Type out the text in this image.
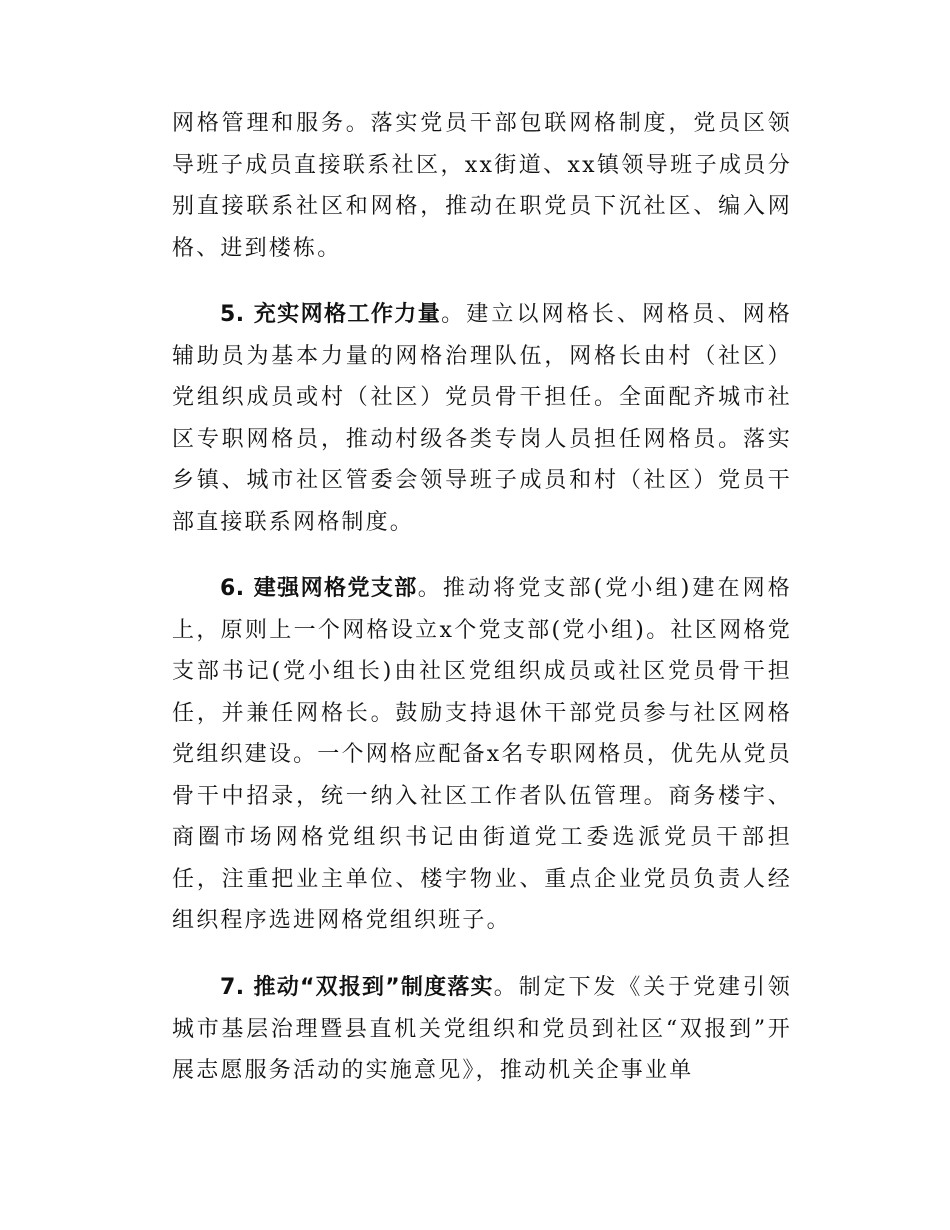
网格管理和服务。落实党员干部包联网格制度，党员区领导班子成员直接联系社区，xx街道、xx镇领导班子成员分别直接联系社区和网格，推动在职党员下沉社区、编入网格、进到楼栋。

5. 充实网格工作力量。建立以网格长、网格员、网格辅助员为基本力量的网格治理队伍，网格长由村（社区）党组织成员或村（社区）党员骨干担任。全面配齐城市社区专职网格员，推动村级各类专岗人员担任网格员。落实乡镇、城市社区管委会领导班子成员和村（社区）党员干部直接联系网格制度。

6. 建强网格党支部。推动将党支部(党小组)建在网格上，原则上一个网格设立x个党支部(党小组)。社区网格党支部书记(党小组长)由社区党组织成员或社区党员骨干担任，并兼任网格长。鼓励支持退休干部党员参与社区网格党组织建设。一个网格应配备x名专职网格员，优先从党员骨干中招录，统一纳入社区工作者队伍管理。商务楼宇、商圈市场网格党组织书记由街道党工委选派党员干部担任，注重把业主单位、楼宇物业、重点企业党员负责人经组织程序选进网格党组织班子。

7. 推动“双报到”制度落实。制定下发《关于党建引领城市基层治理暨县直机关党组织和党员到社区“双报到”开展志愿服务活动的实施意见》，推动机关企事业单
